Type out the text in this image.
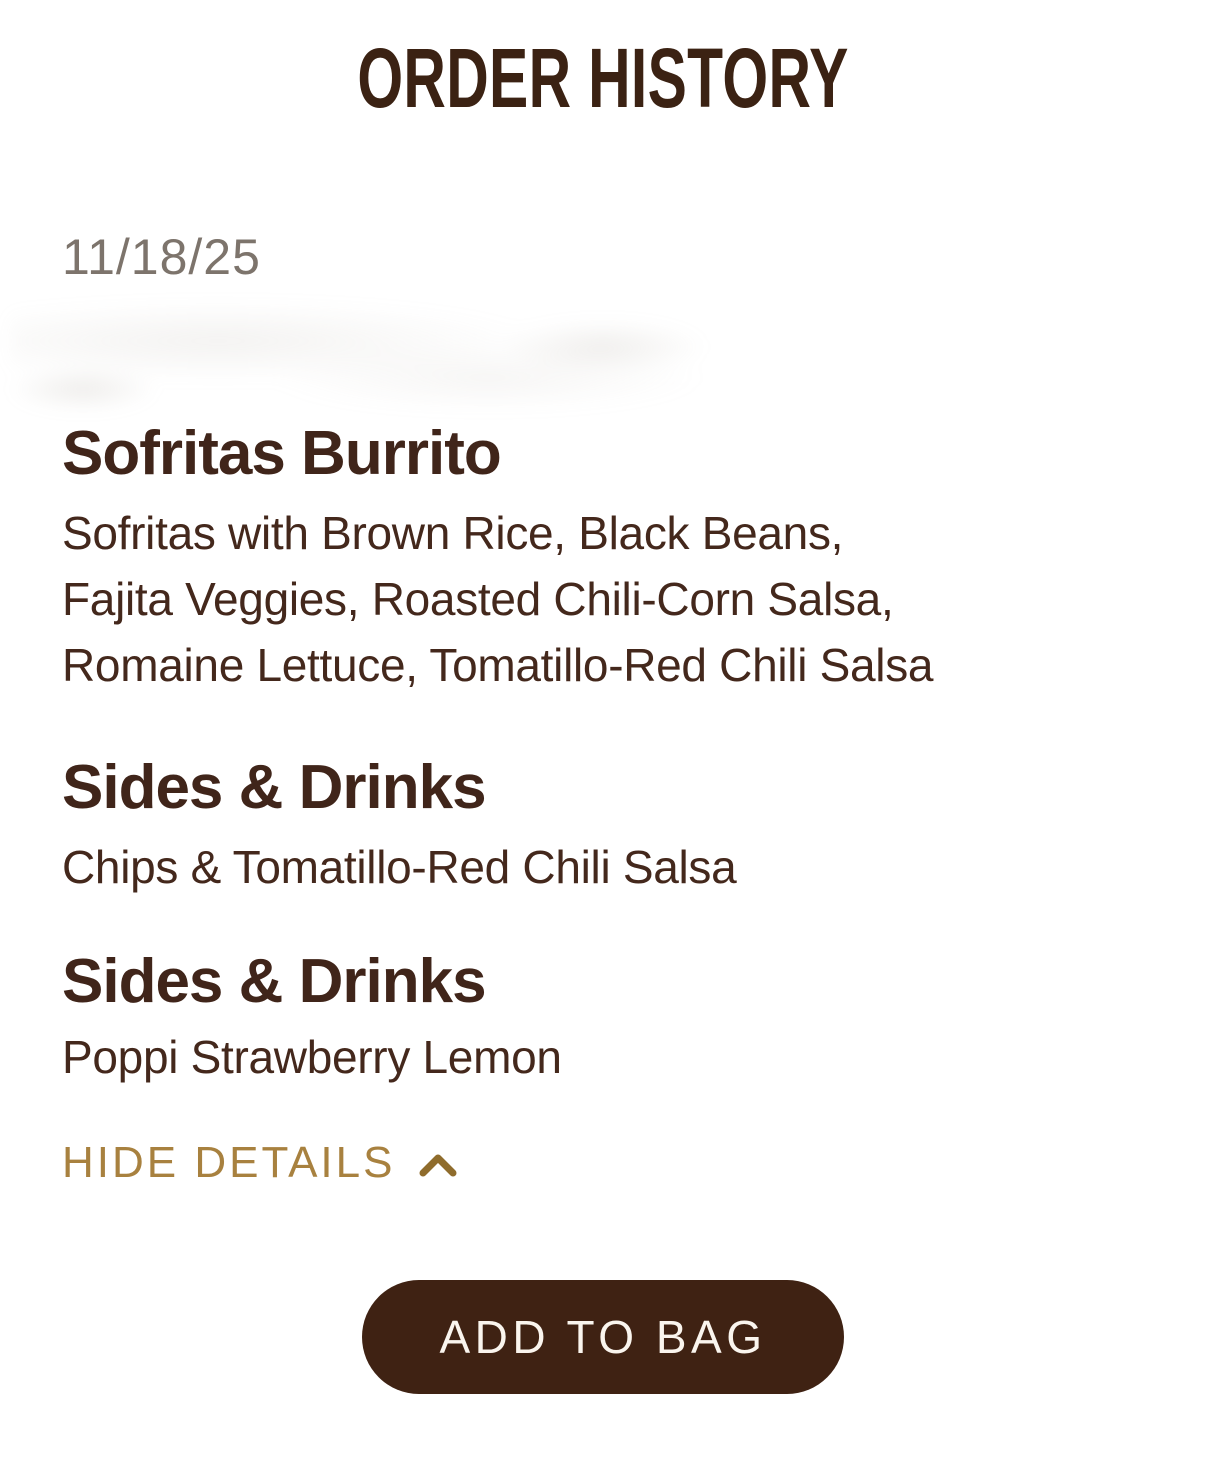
ORDER HISTORY
11/18/25
Sofritas Burrito
Sofritas with Brown Rice, Black Beans,
Fajita Veggies, Roasted Chili-Corn Salsa,
Romaine Lettuce, Tomatillo-Red Chili Salsa
Sides & Drinks
Chips & Tomatillo-Red Chili Salsa
Sides & Drinks
Poppi Strawberry Lemon
HIDE DETAILS
ADD TO BAG
